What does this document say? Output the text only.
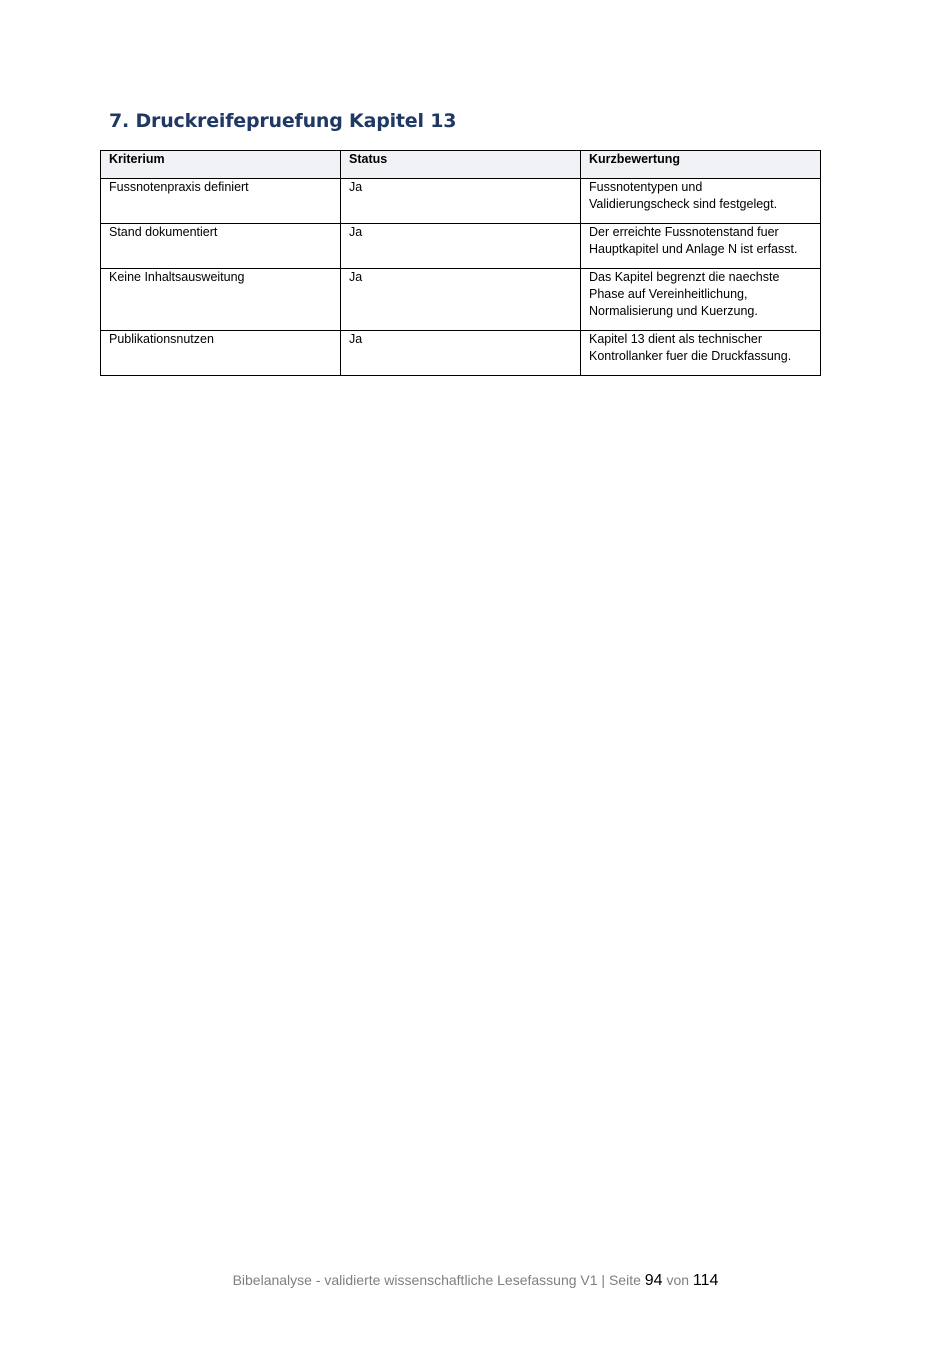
7. Druckreifepruefung Kapitel 13
Kriterium	Status	Kurzbewertung
Fussnotenpraxis definiert	Ja	Fussnotentypen und
Validierungscheck sind festgelegt.

Stand dokumentiert	Ja	Der erreichte Fussnotenstand fuer
Hauptkapitel und Anlage N ist erfasst.

Keine Inhaltsausweitung	Ja	Das Kapitel begrenzt die naechste
Phase auf Vereinheitlichung,
Normalisierung und Kuerzung.

Publikationsnutzen	Ja	Kapitel 13 dient als technischer
Kontrollanker fuer die Druckfassung.
Bibelanalyse - validierte wissenschaftliche Lesefassung V1 | Seite 94 von 114
